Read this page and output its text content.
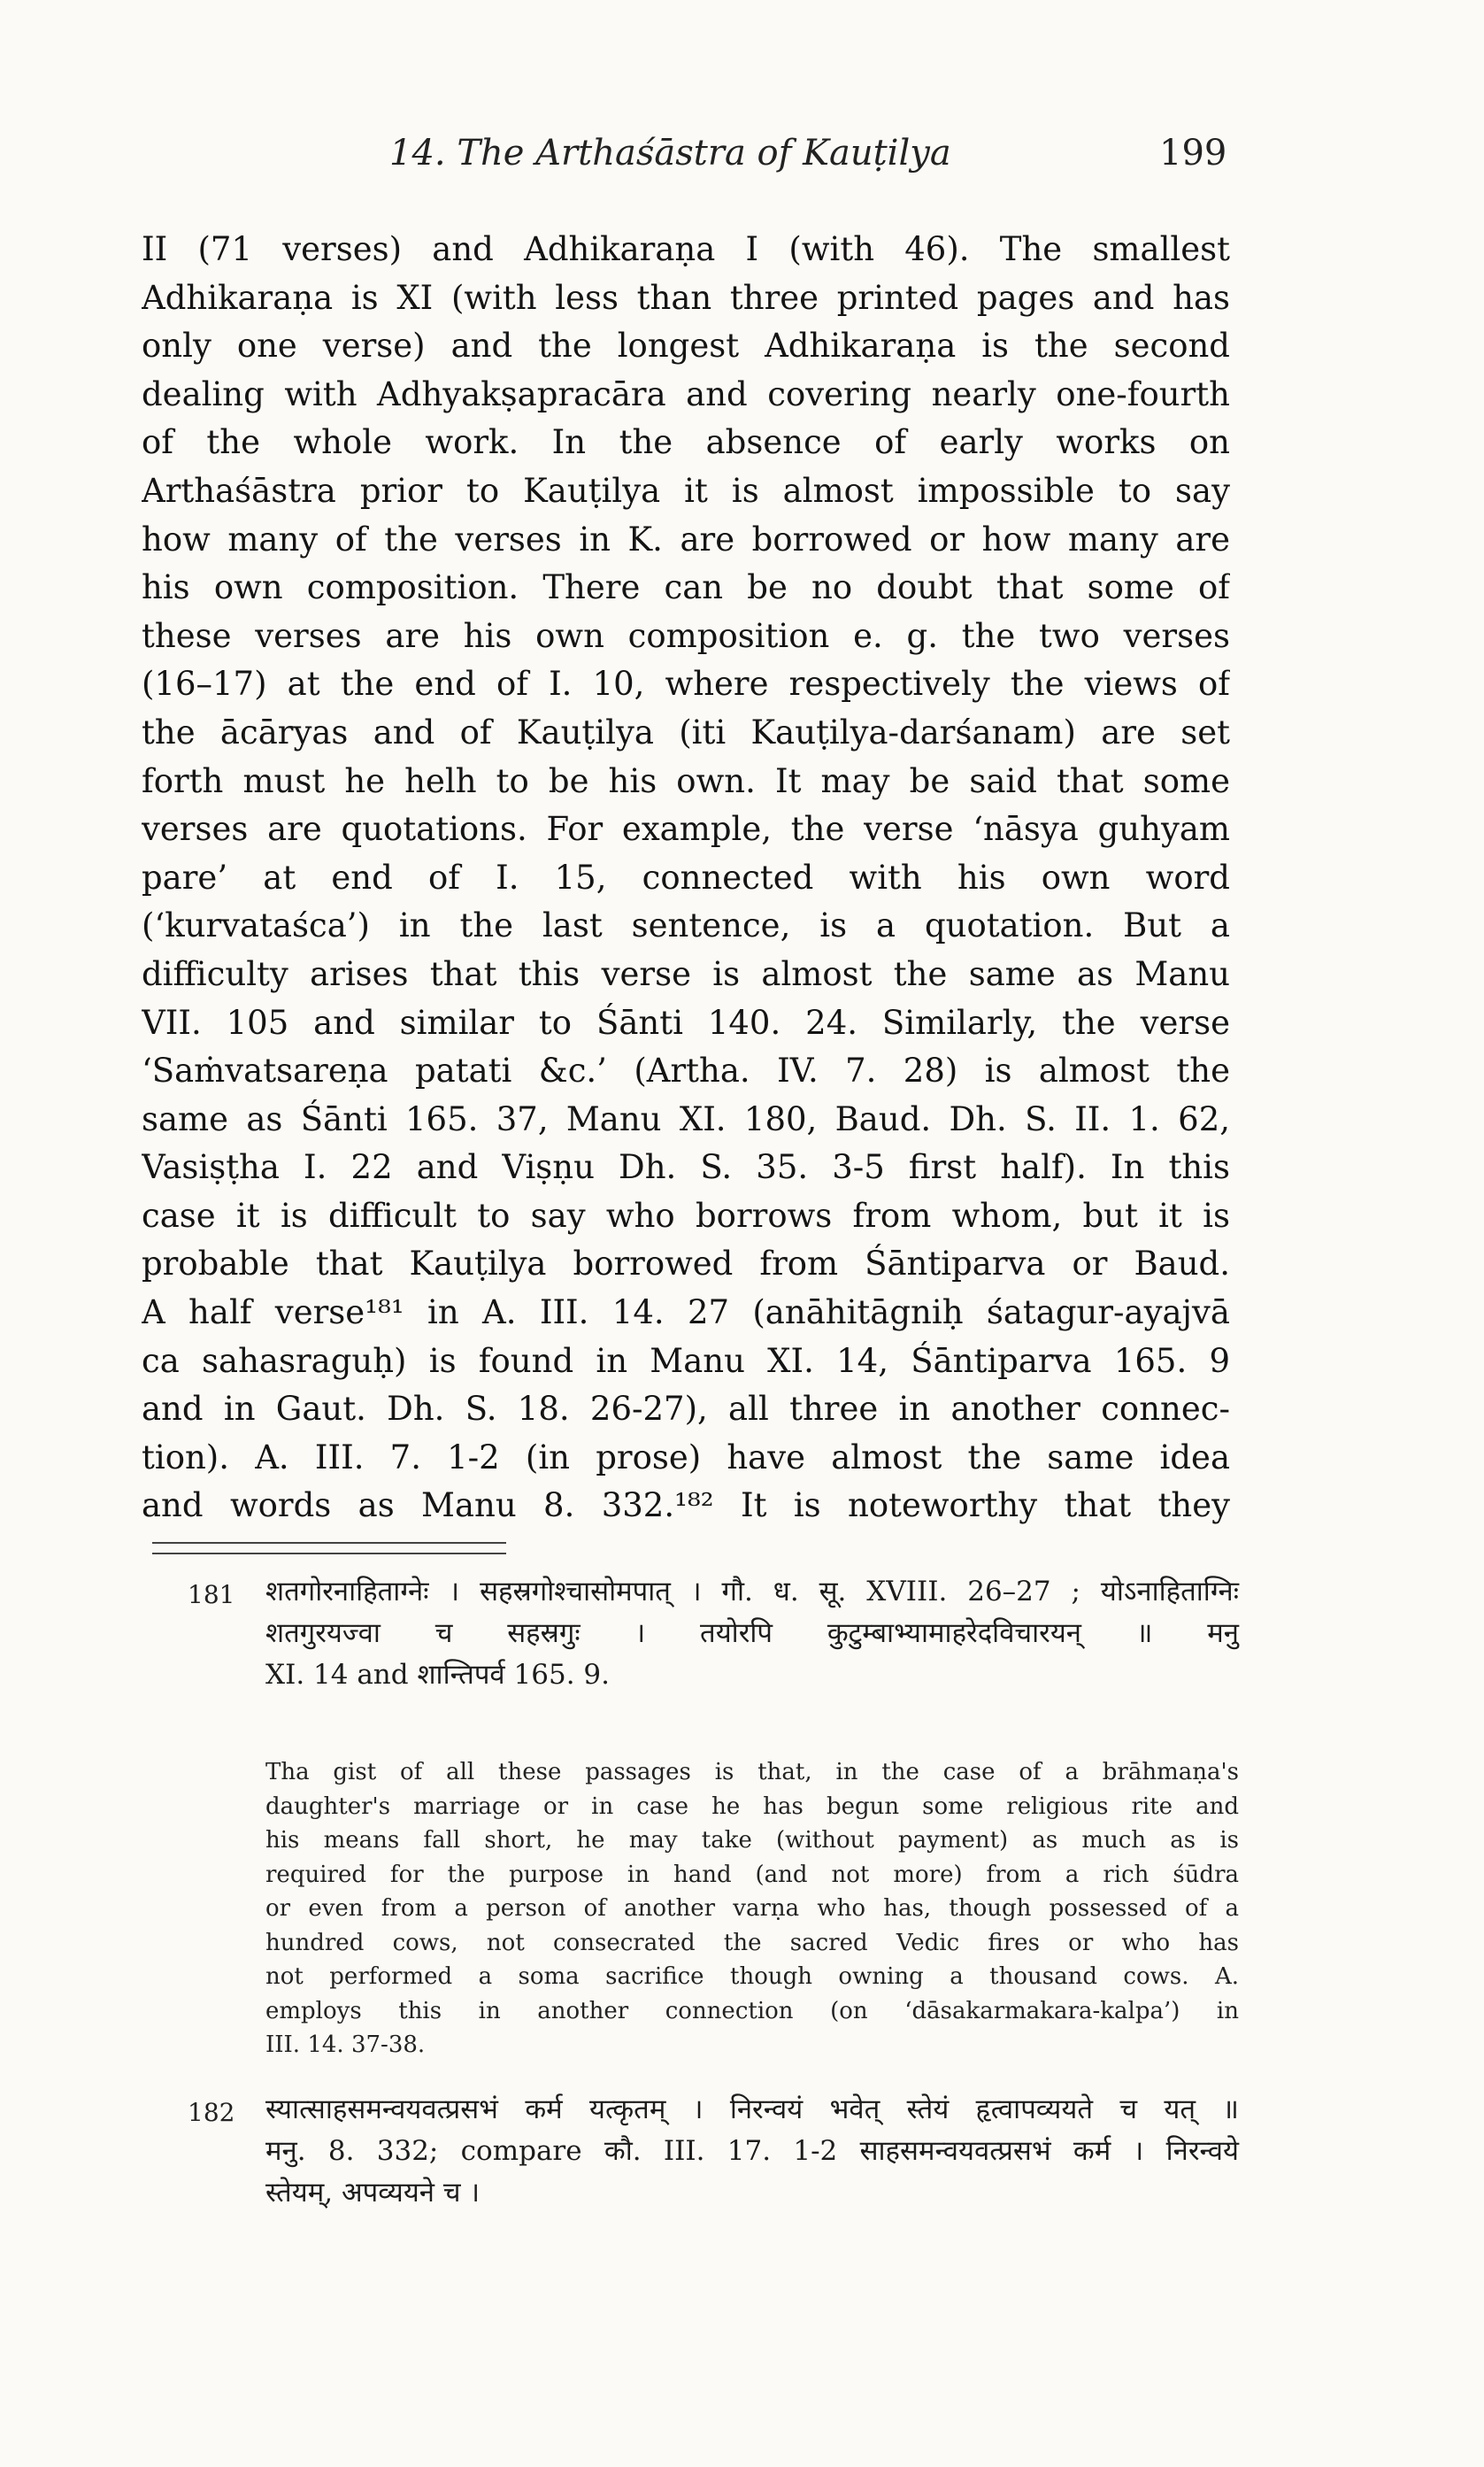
14. The Arthaśāstra of Kauṭilya	199
II (71 verses) and Adhikaraṇa I (with 46). The smallest
Adhikaraṇa is XI (with less than three printed pages and has
only one verse) and the longest Adhikaraṇa is the second
dealing with Adhyakṣapracāra and covering nearly one-fourth
of the whole work. In the absence of early works on
Arthaśāstra prior to Kauṭilya it is almost impossible to say
how many of the verses in K. are borrowed or how many are
his own composition. There can be no doubt that some of
these verses are his own composition e. g. the two verses
(16–17) at the end of I. 10, where respectively the views of
the ācāryas and of Kauṭilya (iti Kauṭilya-darśanam) are set
forth must he helh to be his own. It may be said that some
verses are quotations. For example, the verse ‘nāsya guhyam
pare’ at end of I. 15, connected with his own word
(‘kurvataśca’) in the last sentence, is a quotation. But a
difficulty arises that this verse is almost the same as Manu
VII. 105 and similar to Śānti 140. 24. Similarly, the verse
‘Saṁvatsareṇa patati &c.’ (Artha. IV. 7. 28) is almost the
same as Śānti 165. 37, Manu XI. 180, Baud. Dh. S. II. 1. 62,
Vasiṣṭha I. 22 and Viṣṇu Dh. S. 35. 3-5 first half). In this
case it is difficult to say who borrows from whom, but it is
probable that Kauṭilya borrowed from Śāntiparva or Baud.
A half verse¹⁸¹ in A. III. 14. 27 (anāhitāgniḥ śatagur-ayajvā
ca sahasraguḥ) is found in Manu XI. 14, Śāntiparva 165. 9
and in Gaut. Dh. S. 18. 26-27), all three in another connec-
tion). A. III. 7. 1-2 (in prose) have almost the same idea
and words as Manu 8. 332.¹⁸² It is noteworthy that they
181 शतगोरनाहिताग्नेः । सहस्रगोश्चासोमपात् । गौ. ध. सू. XVIII. 26–27 ; योऽनाहिताग्निः
शतगुरयज्वा च सहस्रगुः । तयोरपि कुटुम्बाभ्यामाहरेदविचारयन् ॥ मनु
XI. 14 and शान्तिपर्व 165. 9.
Tha gist of all these passages is that, in the case of a brāhmaṇa's
daughter's marriage or in case he has begun some religious rite and
his means fall short, he may take (without payment) as much as is
required for the purpose in hand (and not more) from a rich śūdra
or even from a person of another varṇa who has, though possessed of a
hundred cows, not consecrated the sacred Vedic fires or who has
not performed a soma sacrifice though owning a thousand cows. A.
employs this in another connection (on ‘dāsakarmakara-kalpa’) in
III. 14. 37-38.
182 स्यात्साहसमन्वयवत्प्रसभं कर्म यत्कृतम् । निरन्वयं भवेत् स्तेयं हृत्वापव्ययते च यत् ॥
मनु. 8. 332; compare कौ. III. 17. 1-2 साहसमन्वयवत्प्रसभं कर्म । निरन्वये
स्तेयम्, अपव्ययने च ।
